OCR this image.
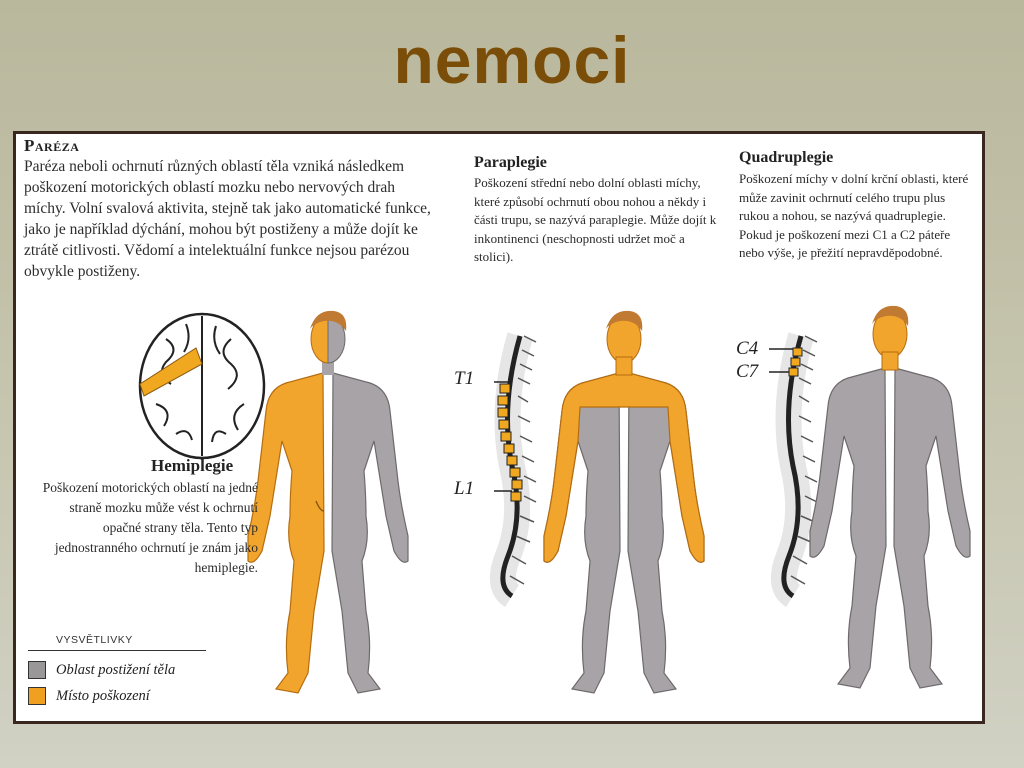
nemoci
Paréza
Paréza neboli ochrnutí různých oblastí těla vzniká následkem poškození motorických oblastí mozku nebo nervových drah míchy. Volní svalová aktivita, stejně tak jako automatické funkce, jako je například dýchání, mohou být postiženy a může dojít ke ztrátě citlivosti. Vědomí a intelektuální funkce nejsou parézou obvykle postiženy.
Paraplegie
Poškození střední nebo dolní oblasti míchy, které způsobí ochrnutí obou nohou a někdy i části trupu, se nazývá paraplegie. Může dojít k inkontinenci (neschopnosti udržet moč a stolici).
Quadruplegie
Poškození míchy v dolní krční oblasti, které může zavinit ochrnutí celého trupu plus rukou a nohou, se nazývá quadruplegie. Pokud je poškození mezi C1 a C2 páteře nebo výše, je přežití nepravděpodobné.
Hemiplegie
Poškození motorických oblastí na jedné straně mozku může vést k ochrnutí opačné strany těla. Tento typ jednostranného ochrnutí je znám jako hemiplegie.
T1
L1
C4
C7
VYSVĚTLIVKY
Oblast postižení těla
Místo poškození
